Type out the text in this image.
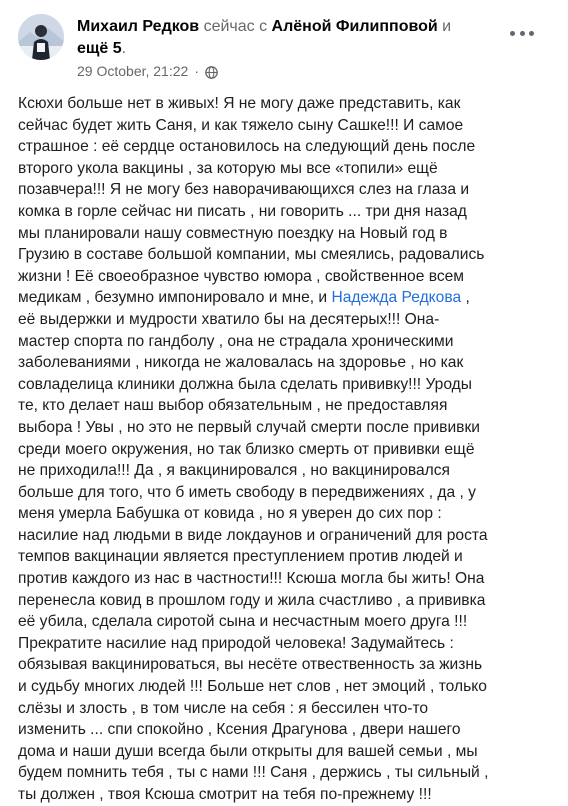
Михаил Редков сейчас с Алёной Филипповой и
ещё 5.
29 October, 21:22 ·
Ксюхи больше нет в живых! Я не могу даже представить, как
сейчас будет жить Саня, и как тяжело сыну Сашке!!! И самое
страшное : её сердце остановилось на следующий день после
второго укола вакцины , за которую мы все «топили» ещё
позавчера!!! Я не могу без наворачивающихся слез на глаза и
комка в горле сейчас ни писать , ни говорить ... три дня назад
мы планировали нашу совместную поездку на Новый год в
Грузию в составе большой компании, мы смеялись, радовались
жизни ! Её своеобразное чувство юмора , свойственное всем
медикам , безумно импонировало и мне, и Надежда Редкова ,
её выдержки и мудрости хватило бы на десятерых!!! Она-
мастер спорта по гандболу , она не страдала хроническими
заболеваниями , никогда не жаловалась на здоровье , но как
совладелица клиники должна была сделать прививку!!! Уроды
те, кто делает наш выбор обязательным , не предоставляя
выбора ! Увы , но это не первый случай смерти после прививки
среди моего окружения, но так близко смерть от прививки ещё
не приходила!!! Да , я вакцинировался , но вакцинировался
больше для того, что б иметь свободу в передвижениях , да , у
меня умерла Бабушка от ковида , но я уверен до сих пор :
насилие над людьми в виде локдаунов и ограничений для роста
темпов вакцинации является преступлением против людей и
против каждого из нас в частности!!! Ксюша могла бы жить! Она
перенесла ковид в прошлом году и жила счастливо , а прививка
её убила, сделала сиротой сына и несчастным моего друга !!!
Прекратите насилие над природой человека! Задумайтесь :
обязывая вакцинироваться, вы несёте отвественность за жизнь
и судьбу многих людей !!! Больше нет слов , нет эмоций , только
слёзы и злость , в том числе на себя : я бессилен что-то
изменить ... спи спокойно , Ксения Драгунова , двери нашего
дома и наши души всегда были открыты для вашей семьи , мы
будем помнить тебя , ты с нами !!! Саня , держись , ты сильный ,
ты должен , твоя Ксюша смотрит на тебя по-прежнему !!!
